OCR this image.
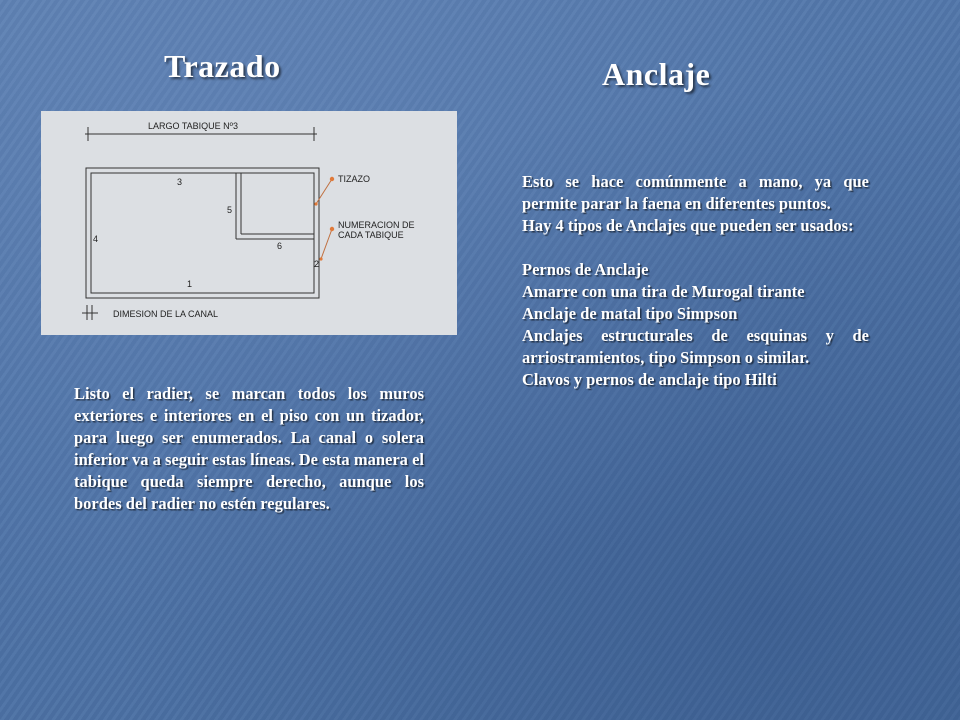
Trazado	Anclaje
LARGO TABIQUE Nº3
3
5
4
6
1
2
TIZAZO
NUMERACION DE
CADA TABIQUE
DIMESION DE LA CANAL

Listo el radier, se marcan todos los muros exteriores e interiores en el piso con un tizador, para luego ser enumerados. La canal o solera inferior va a seguir estas líneas. De esta manera el tabique queda siempre derecho, aunque los bordes del radier no estén regulares.

Esto se hace comúnmente a mano, ya que permite parar la faena en diferentes puntos.

Hay 4 tipos de Anclajes que pueden ser usados:

Pernos de Anclaje
Amarre con una tira de Murogal tirante
Anclaje de matal tipo Simpson
Anclajes estructurales de esquinas y de arriostramientos, tipo Simpson o similar.
Clavos y pernos de anclaje tipo Hilti
